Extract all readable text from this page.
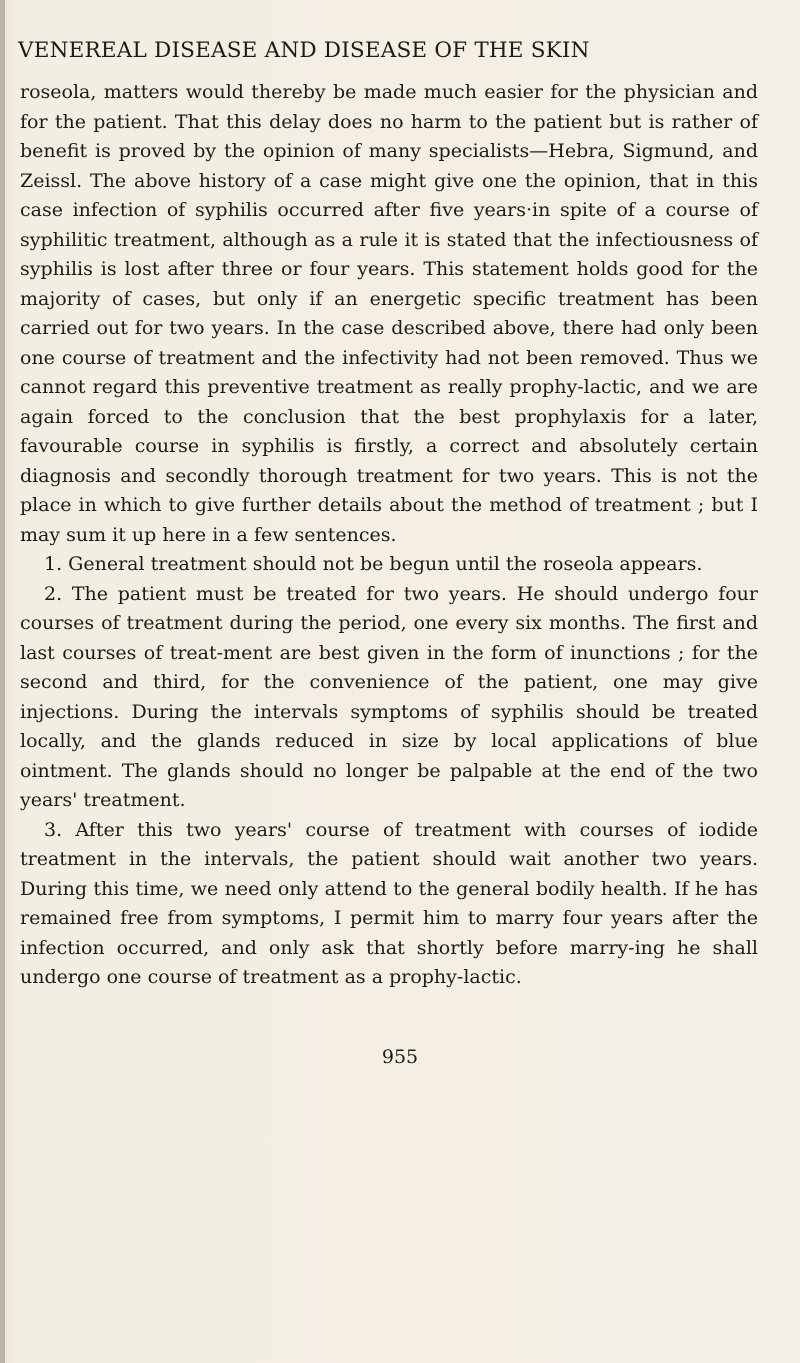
VENEREAL DISEASE AND DISEASE OF THE SKIN

roseola, matters would thereby be made much easier for the physician and for the patient. That this delay does no harm to the patient but is rather of benefit is proved by the opinion of many specialists—Hebra, Sigmund, and Zeissl. The above history of a case might give one the opinion, that in this case infection of syphilis occurred after five years·in spite of a course of syphilitic treatment, although as a rule it is stated that the infectiousness of syphilis is lost after three or four years. This statement holds good for the majority of cases, but only if an energetic specific treatment has been carried out for two years. In the case described above, there had only been one course of treatment and the infectivity had not been removed. Thus we cannot regard this preventive treatment as really prophy-lactic, and we are again forced to the conclusion that the best prophylaxis for a later, favourable course in syphilis is firstly, a correct and absolutely certain diagnosis and secondly thorough treatment for two years. This is not the place in which to give further details about the method of treatment ; but I may sum it up here in a few sentences.

1. General treatment should not be begun until the roseola appears.

2. The patient must be treated for two years. He should undergo four courses of treatment during the period, one every six months. The first and last courses of treat-ment are best given in the form of inunctions ; for the second and third, for the convenience of the patient, one may give injections. During the intervals symptoms of syphilis should be treated locally, and the glands reduced in size by local applications of blue ointment. The glands should no longer be palpable at the end of the two years' treatment.

3. After this two years' course of treatment with courses of iodide treatment in the intervals, the patient should wait another two years. During this time, we need only attend to the general bodily health. If he has remained free from symptoms, I permit him to marry four years after the infection occurred, and only ask that shortly before marry-ing he shall undergo one course of treatment as a prophy-lactic.

955
